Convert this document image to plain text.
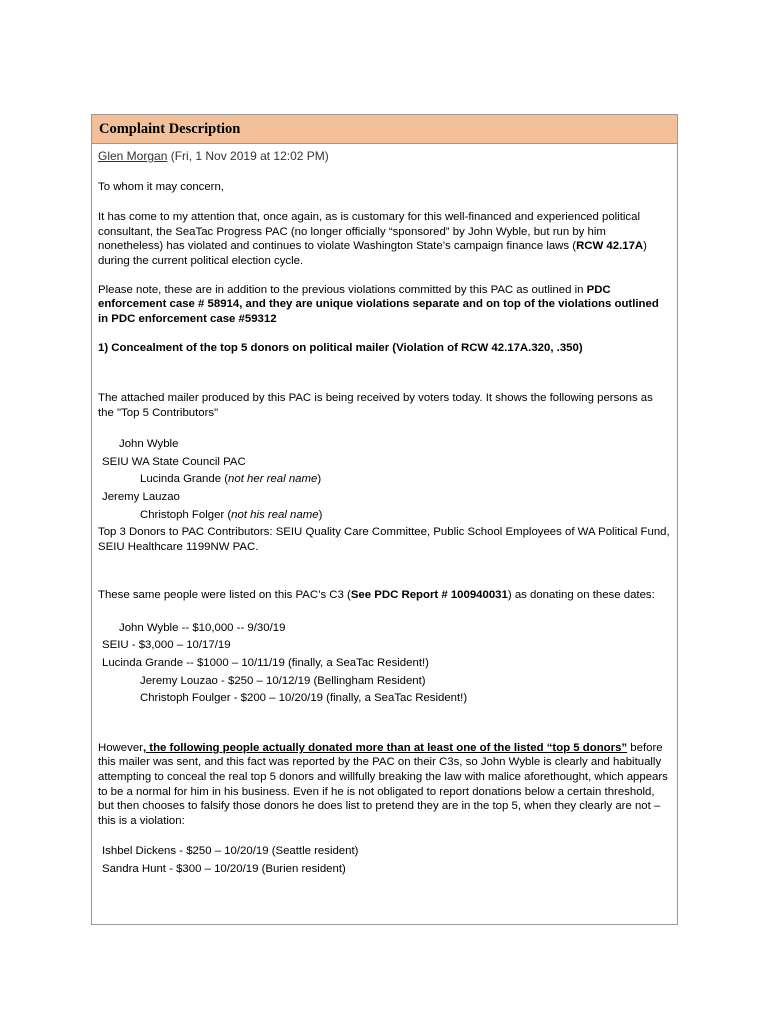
Complaint Description

Glen Morgan (Fri, 1 Nov 2019 at 12:02 PM)

To whom it may concern,

It has come to my attention that, once again, as is customary for this well-financed and experienced political consultant, the SeaTac Progress PAC (no longer officially “sponsored” by John Wyble, but run by him nonetheless) has violated and continues to violate Washington State’s campaign finance laws (RCW 42.17A) during the current political election cycle.

Please note, these are in addition to the previous violations committed by this PAC as outlined in PDC enforcement case # 58914, and they are unique violations separate and on top of the violations outlined in PDC enforcement case #59312

1) Concealment of the top 5 donors on political mailer (Violation of RCW 42.17A.320, .350)

The attached mailer produced by this PAC is being received by voters today. It shows the following persons as the "Top 5 Contributors"

John Wyble

SEIU WA State Council PAC

Lucinda Grande (not her real name)

Jeremy Lauzao

Christoph Folger (not his real name)

Top 3 Donors to PAC Contributors: SEIU Quality Care Committee, Public School Employees of WA Political Fund, SEIU Healthcare 1199NW PAC.

These same people were listed on this PAC’s C3 (See PDC Report # 100940031) as donating on these dates:

John Wyble -- $10,000 -- 9/30/19

SEIU - $3,000 – 10/17/19

Lucinda Grande -- $1000 – 10/11/19 (finally, a SeaTac Resident!)

Jeremy Louzao - $250 – 10/12/19 (Bellingham Resident)

Christoph Foulger - $200 – 10/20/19 (finally, a SeaTac Resident!)

However, the following people actually donated more than at least one of the listed “top 5 donors” before this mailer was sent, and this fact was reported by the PAC on their C3s, so John Wyble is clearly and habitually attempting to conceal the real top 5 donors and willfully breaking the law with malice aforethought, which appears to be a normal for him in his business. Even if he is not obligated to report donations below a certain threshold, but then chooses to falsify those donors he does list to pretend they are in the top 5, when they clearly are not – this is a violation:

Ishbel Dickens - $250 – 10/20/19 (Seattle resident)

Sandra Hunt - $300 – 10/20/19 (Burien resident)
